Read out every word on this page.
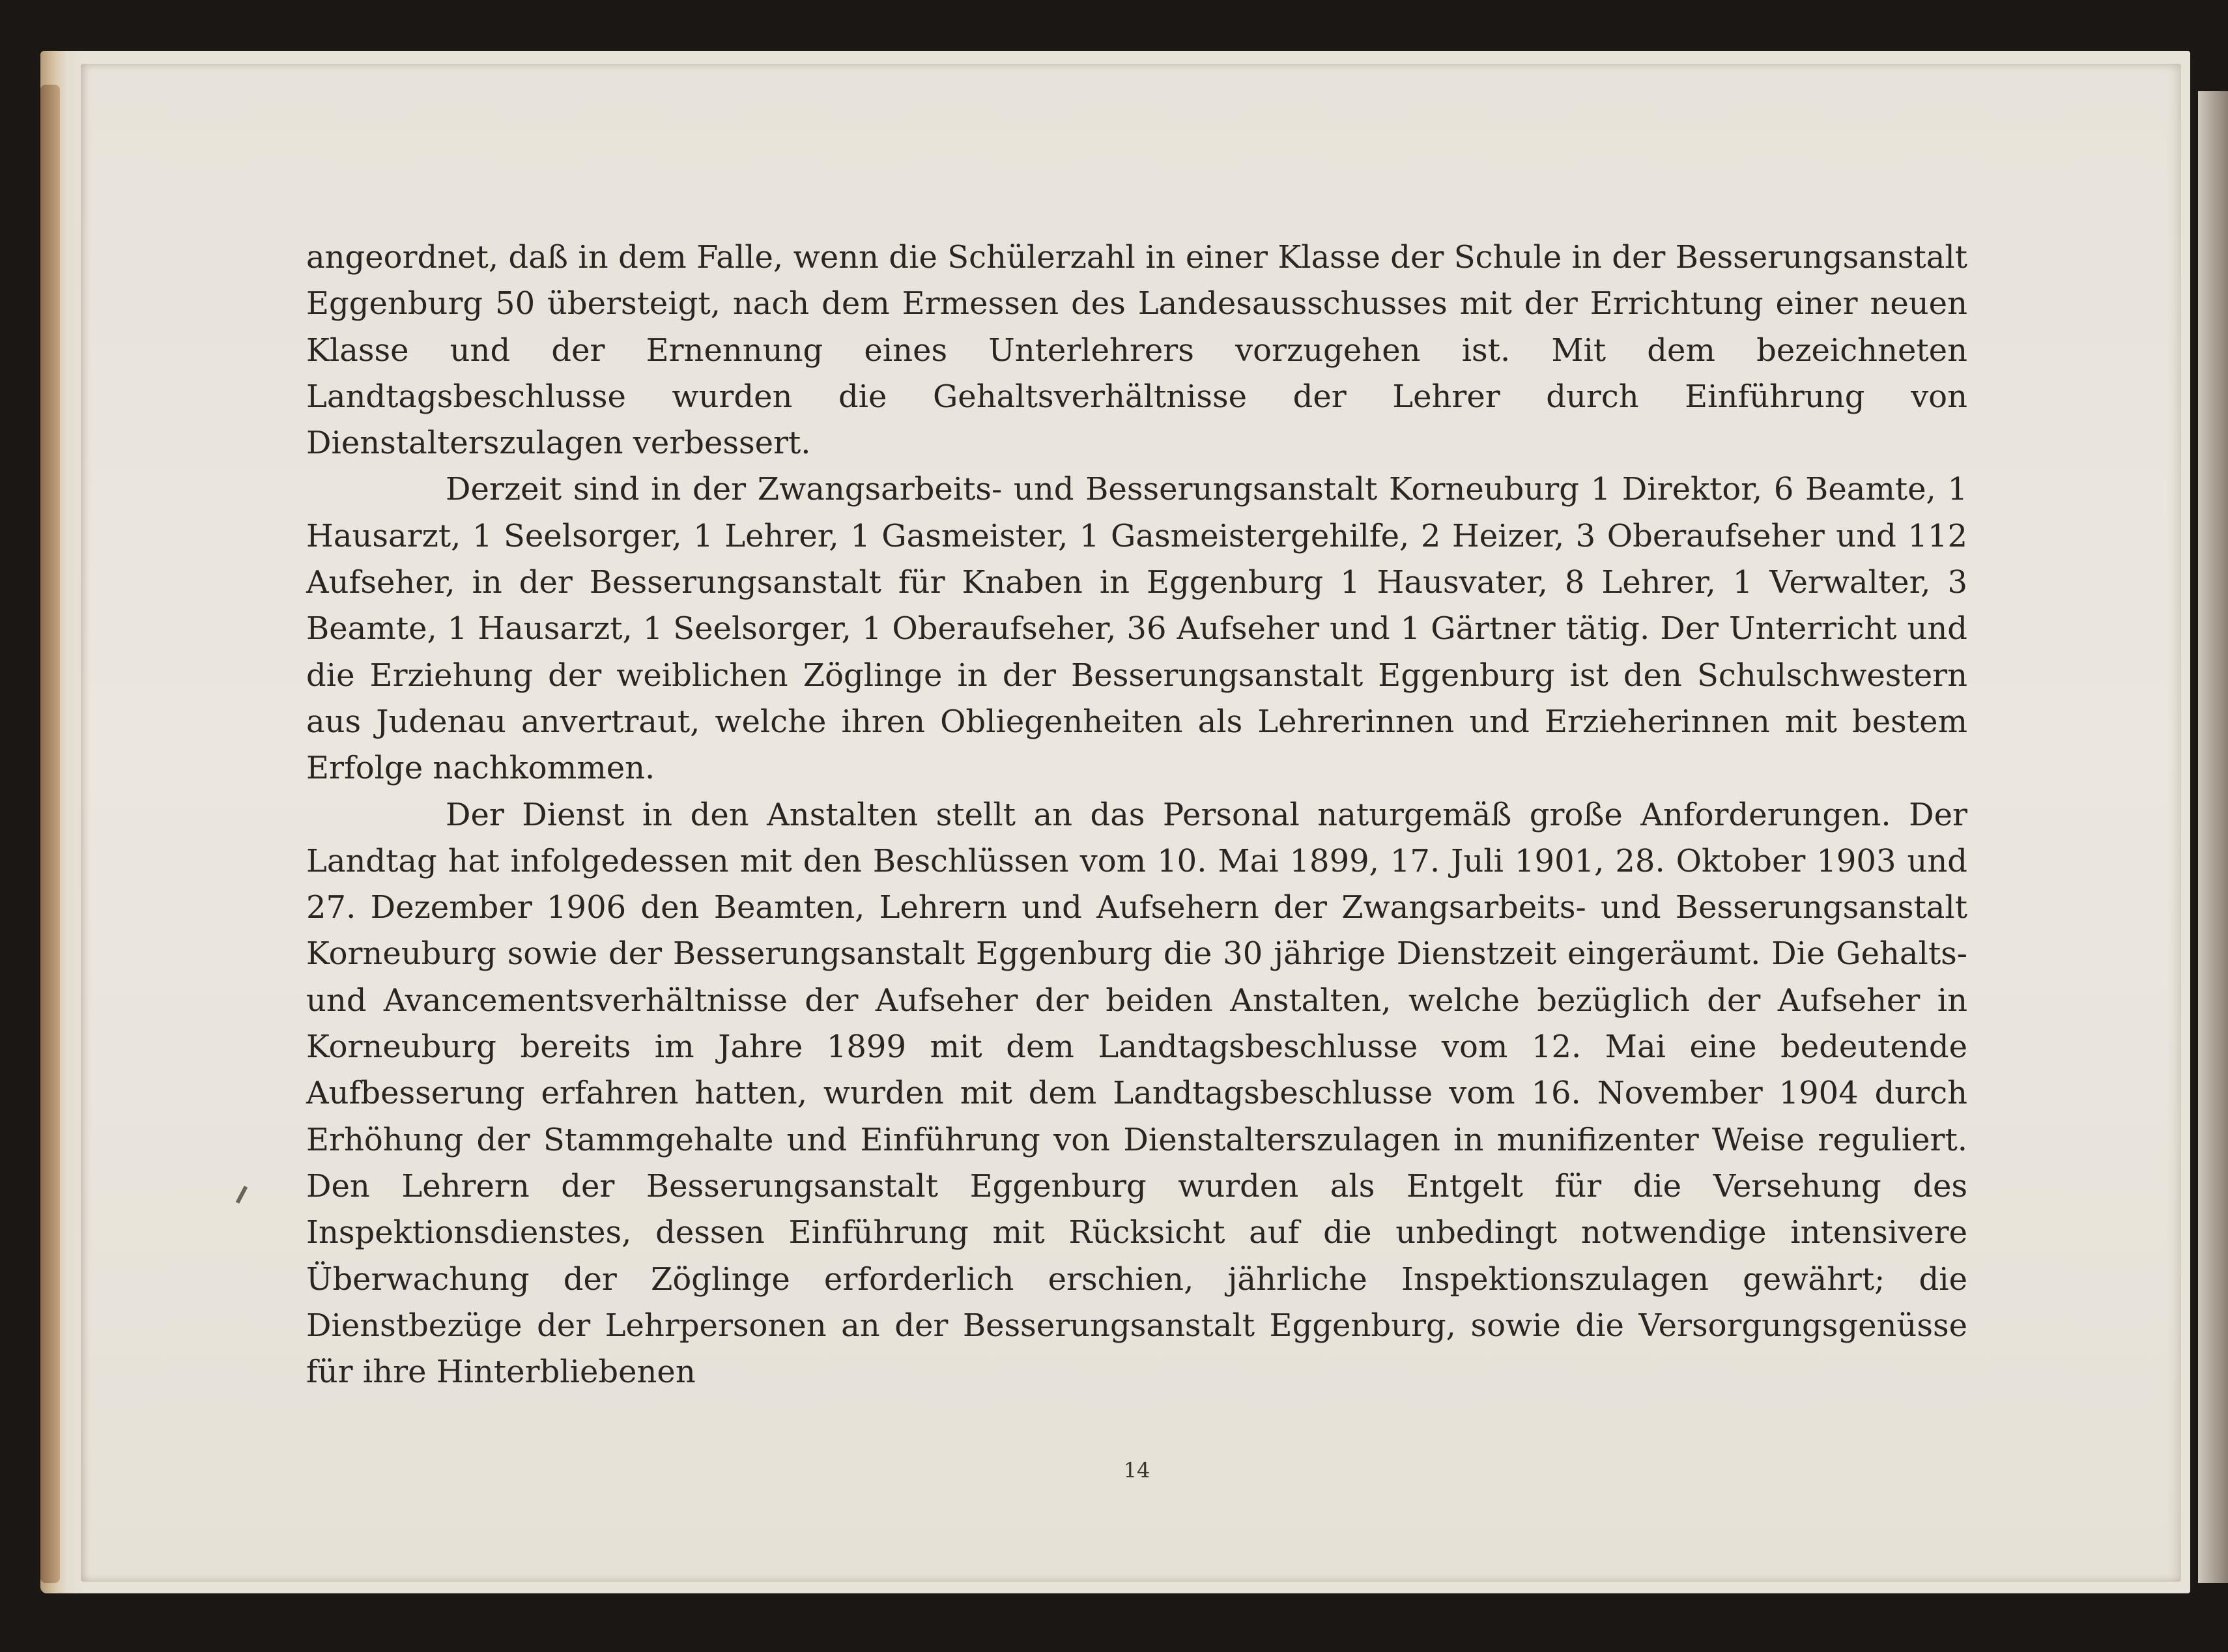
angeordnet, daß in dem Falle, wenn die Schülerzahl in einer Klasse der Schule in der Besserungsanstalt Eggenburg 50 übersteigt, nach dem Ermessen des Landesausschusses mit der Errichtung einer neuen Klasse und der Ernennung eines Unterlehrers vorzugehen ist. Mit dem bezeichneten Landtagsbeschlusse wurden die Gehaltsverhältnisse der Lehrer durch Einführung von Dienstalterszulagen verbessert.

Derzeit sind in der Zwangsarbeits- und Besserungsanstalt Korneuburg 1 Direktor, 6 Beamte, 1 Hausarzt, 1 Seelsorger, 1 Lehrer, 1 Gasmeister, 1 Gasmeistergehilfe, 2 Heizer, 3 Oberaufseher und 112 Aufseher, in der Besserungsanstalt für Knaben in Eggenburg 1 Hausvater, 8 Lehrer, 1 Verwalter, 3 Beamte, 1 Hausarzt, 1 Seelsorger, 1 Oberaufseher, 36 Aufseher und 1 Gärtner tätig. Der Unterricht und die Erziehung der weiblichen Zöglinge in der Besserungsanstalt Eggenburg ist den Schulschwestern aus Judenau anvertraut, welche ihren Obliegenheiten als Lehrerinnen und Erzieherinnen mit bestem Erfolge nachkommen.

Der Dienst in den Anstalten stellt an das Personal naturgemäß große Anforderungen. Der Landtag hat infolgedessen mit den Beschlüssen vom 10. Mai 1899, 17. Juli 1901, 28. Oktober 1903 und 27. Dezember 1906 den Beamten, Lehrern und Aufsehern der Zwangsarbeits- und Besserungsanstalt Korneuburg sowie der Besserungsanstalt Eggenburg die 30 jährige Dienstzeit eingeräumt. Die Gehalts- und Avancementsverhältnisse der Aufseher der beiden Anstalten, welche bezüglich der Aufseher in Korneuburg bereits im Jahre 1899 mit dem Landtagsbeschlusse vom 12. Mai eine bedeutende Aufbesserung erfahren hatten, wurden mit dem Landtagsbeschlusse vom 16. November 1904 durch Erhöhung der Stammgehalte und Einführung von Dienstalterszulagen in munifizenter Weise reguliert. Den Lehrern der Besserungsanstalt Eggenburg wurden als Entgelt für die Versehung des Inspektionsdienstes, dessen Einführung mit Rücksicht auf die unbedingt notwendige intensivere Überwachung der Zöglinge erforderlich erschien, jährliche Inspektionszulagen gewährt; die Dienstbezüge der Lehrpersonen an der Besserungsanstalt Eggenburg, sowie die Versorgungsgenüsse für ihre Hinterbliebenen

14
